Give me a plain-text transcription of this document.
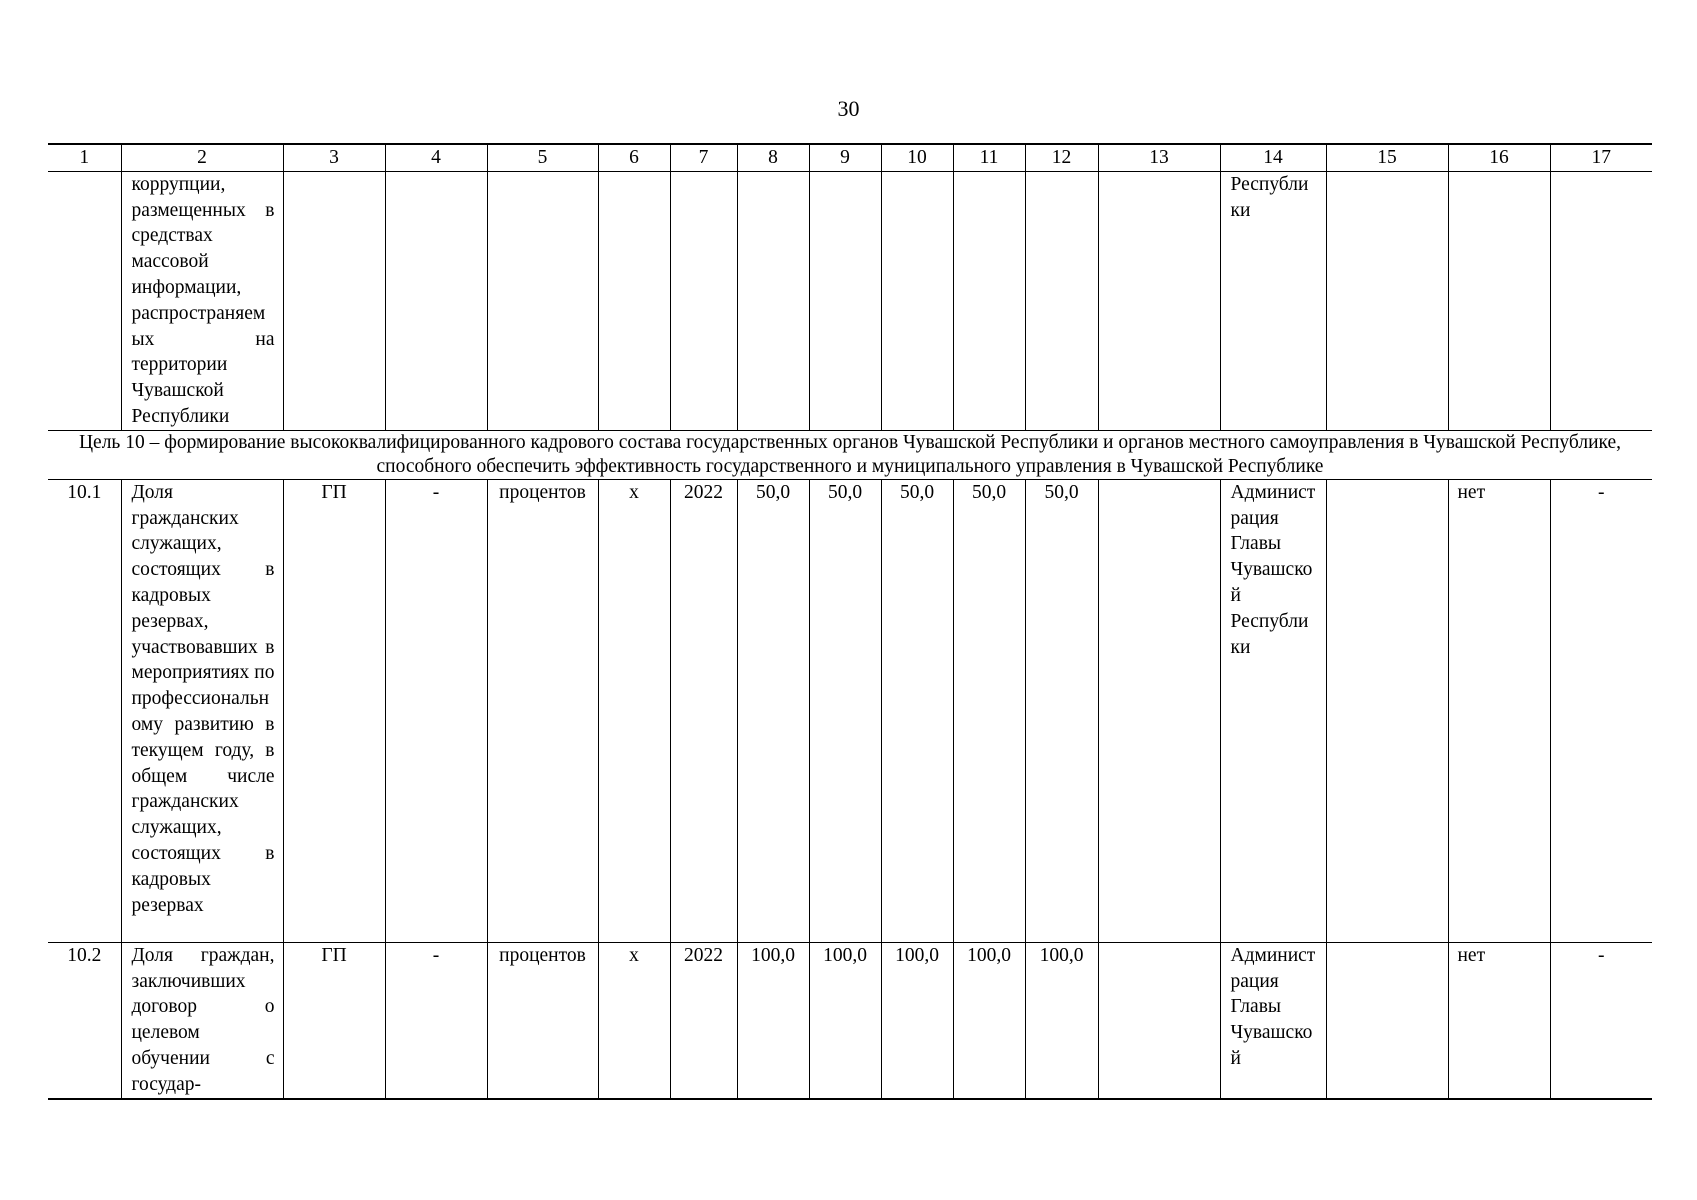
30
1	2	3	4	5	6	7	8	9	10	11	12	13	14	15	16	17
	коррупции, размещенных в средствах массовой информации, распространяемых на территории Чувашской Республики												Республики			
Цель 10 – формирование высококвалифицированного кадрового состава государственных органов Чувашской Республики и органов местного самоуправления в Чувашской Республике, способного обеспечить эффективность государственного и муниципального управления в Чувашской Республике																
10.1	Доля гражданских служащих, состоящих в кадровых резервах, участвовавших в мероприятиях по профессиональному развитию в текущем году, в общем числе гражданских служащих, состоящих в кадровых резервах	ГП	-	процентов	х	2022	50,0	50,0	50,0	50,0	50,0		Администрация Главы Чувашской Республики		нет	-
10.2	Доля граждан, заключивших договор о целевом обучении с государ-	ГП	-	процентов	х	2022	100,0	100,0	100,0	100,0	100,0		Администрация Главы Чувашской		нет	-
